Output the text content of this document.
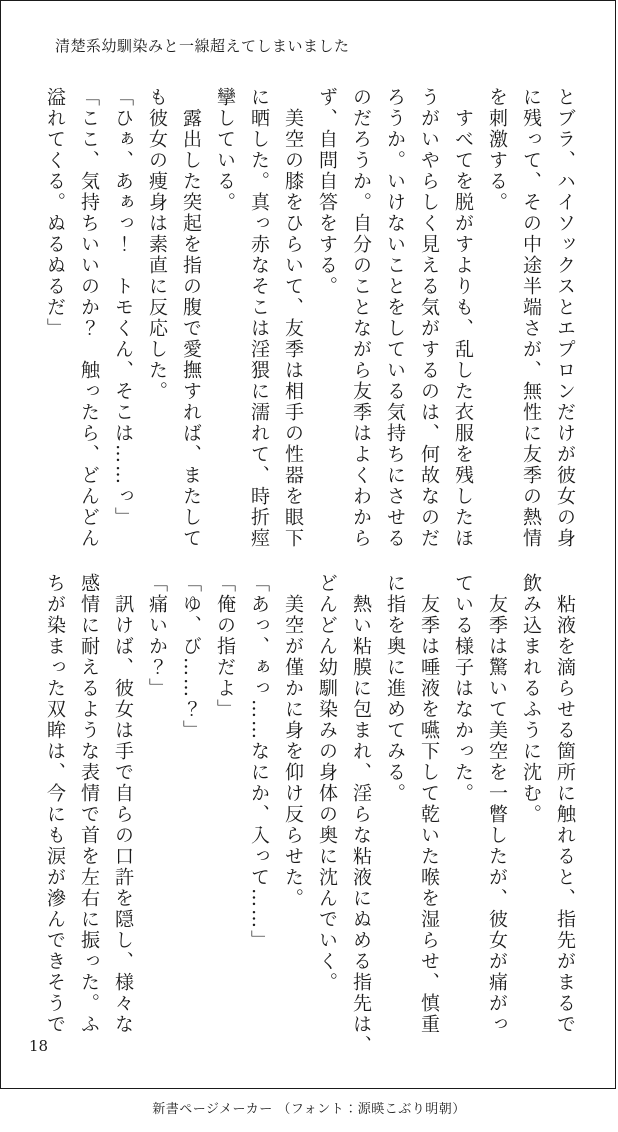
清楚系幼馴染みと一線超えてしまいました

とブラ、ハイソックスとエプロンだけが彼女の身

に残って、その中途半端さが、無性に友季の熱情

を刺激する。

　すべてを脱がすよりも、乱した衣服を残したほ

うがいやらしく見える気がするのは、何故なのだ

ろうか。いけないことをしている気持ちにさせる

のだろうか。自分のことながら友季はよくわから

ず、自問自答をする。

　美空の膝をひらいて、友季は相手の性器を眼下

に晒した。真っ赤なそこは淫猥に濡れて、時折痙

攣している。

　露出した突起を指の腹で愛撫すれば、またして

も彼女の痩身は素直に反応した。

「ひぁ、あぁっ！　トモくん、そこは……っ」

「ここ、気持ちいいのか？　触ったら、どんどん

溢れてくる。ぬるぬるだ」

　粘液を滴らせる箇所に触れると、指先がまるで

飲み込まれるふうに沈む。

　友季は驚いて美空を一瞥したが、彼女が痛がっ

ている様子はなかった。

　友季は唾液を嚥下して乾いた喉を湿らせ、慎重

に指を奥に進めてみる。

　熱い粘膜に包まれ、淫らな粘液にぬめる指先は、

どんどん幼馴染みの身体の奥に沈んでいく。

　美空が僅かに身を仰け反らせた。

「あっ、ぁっ……なにか、入って……」

「俺の指だよ」

「ゆ、び……？」

「痛いか？」

　訊けば、彼女は手で自らの口許を隠し、様々な

感情に耐えるような表情で首を左右に振った。ふ

ちが染まった双眸は、今にも涙が滲んできそうで

18
新書ページメーカー （フォント：源暎こぶり明朝）
